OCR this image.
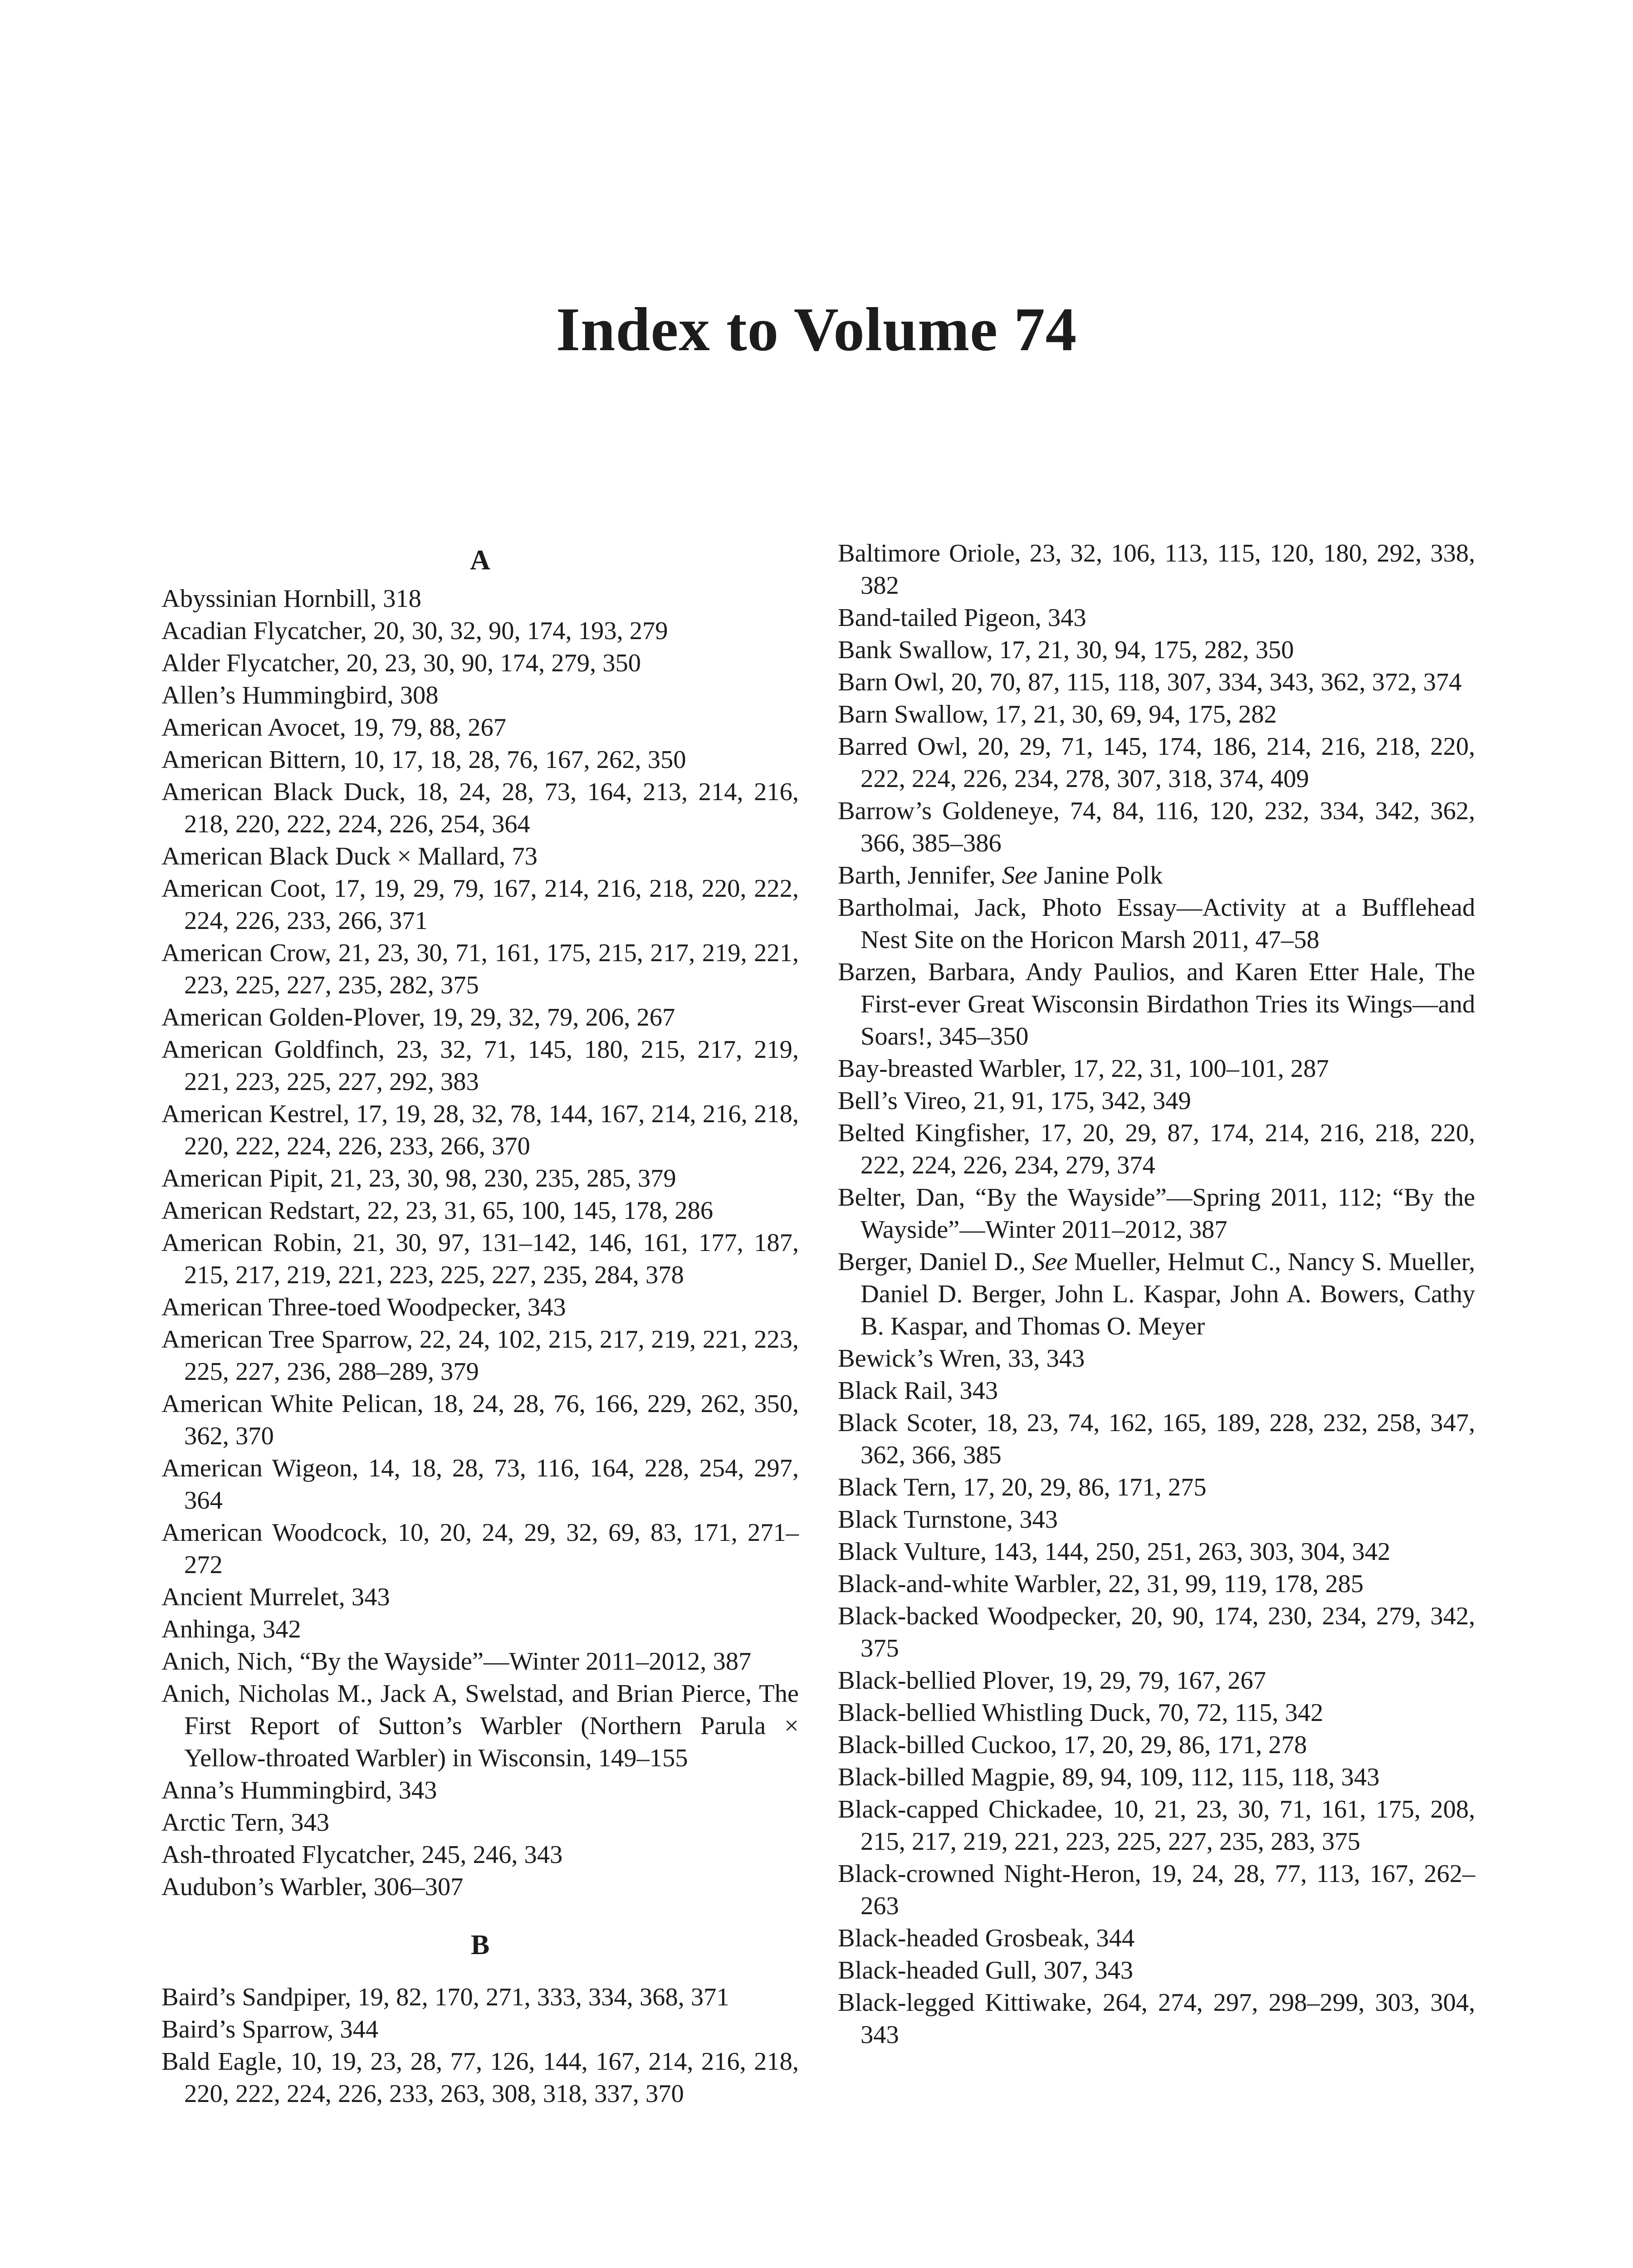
Index to Volume 74
A

Abyssinian Hornbill, 318

Acadian Flycatcher, 20, 30, 32, 90, 174, 193, 279

Alder Flycatcher, 20, 23, 30, 90, 174, 279, 350

Allen’s Hummingbird, 308

American Avocet, 19, 79, 88, 267

American Bittern, 10, 17, 18, 28, 76, 167, 262, 350

American Black Duck, 18, 24, 28, 73, 164, 213, 214, 216, 218, 220, 222, 224, 226, 254, 364

American Black Duck × Mallard, 73

American Coot, 17, 19, 29, 79, 167, 214, 216, 218, 220, 222, 224, 226, 233, 266, 371

American Crow, 21, 23, 30, 71, 161, 175, 215, 217, 219, 221, 223, 225, 227, 235, 282, 375

American Golden-Plover, 19, 29, 32, 79, 206, 267

American Goldfinch, 23, 32, 71, 145, 180, 215, 217, 219, 221, 223, 225, 227, 292, 383

American Kestrel, 17, 19, 28, 32, 78, 144, 167, 214, 216, 218, 220, 222, 224, 226, 233, 266, 370

American Pipit, 21, 23, 30, 98, 230, 235, 285, 379

American Redstart, 22, 23, 31, 65, 100, 145, 178, 286

American Robin, 21, 30, 97, 131–142, 146, 161, 177, 187, 215, 217, 219, 221, 223, 225, 227, 235, 284, 378

American Three-toed Woodpecker, 343

American Tree Sparrow, 22, 24, 102, 215, 217, 219, 221, 223, 225, 227, 236, 288–289, 379

American White Pelican, 18, 24, 28, 76, 166, 229, 262, 350, 362, 370

American Wigeon, 14, 18, 28, 73, 116, 164, 228, 254, 297, 364

American Woodcock, 10, 20, 24, 29, 32, 69, 83, 171, 271–272

Ancient Murrelet, 343

Anhinga, 342

Anich, Nich, “By the Wayside”—Winter 2011–2012, 387

Anich, Nicholas M., Jack A, Swelstad, and Brian Pierce, The First Report of Sutton’s Warbler (Northern Parula × Yellow-throated Warbler) in Wisconsin, 149–155

Anna’s Hummingbird, 343

Arctic Tern, 343

Ash-throated Flycatcher, 245, 246, 343

Audubon’s Warbler, 306–307

B

Baird’s Sandpiper, 19, 82, 170, 271, 333, 334, 368, 371

Baird’s Sparrow, 344

Bald Eagle, 10, 19, 23, 28, 77, 126, 144, 167, 214, 216, 218, 220, 222, 224, 226, 233, 263, 308, 318, 337, 370

Baltimore Oriole, 23, 32, 106, 113, 115, 120, 180, 292, 338, 382

Band-tailed Pigeon, 343

Bank Swallow, 17, 21, 30, 94, 175, 282, 350

Barn Owl, 20, 70, 87, 115, 118, 307, 334, 343, 362, 372, 374

Barn Swallow, 17, 21, 30, 69, 94, 175, 282

Barred Owl, 20, 29, 71, 145, 174, 186, 214, 216, 218, 220, 222, 224, 226, 234, 278, 307, 318, 374, 409

Barrow’s Goldeneye, 74, 84, 116, 120, 232, 334, 342, 362, 366, 385–386

Barth, Jennifer, See Janine Polk

Bartholmai, Jack, Photo Essay—Activity at a Bufflehead Nest Site on the Horicon Marsh 2011, 47–58

Barzen, Barbara, Andy Paulios, and Karen Etter Hale, The First-ever Great Wisconsin Birdathon Tries its Wings—and Soars!, 345–350

Bay-breasted Warbler, 17, 22, 31, 100–101, 287

Bell’s Vireo, 21, 91, 175, 342, 349

Belted Kingfisher, 17, 20, 29, 87, 174, 214, 216, 218, 220, 222, 224, 226, 234, 279, 374

Belter, Dan, “By the Wayside”—Spring 2011, 112; “By the Wayside”—Winter 2011–2012, 387

Berger, Daniel D., See Mueller, Helmut C., Nancy S. Mueller, Daniel D. Berger, John L. Kaspar, John A. Bowers, Cathy B. Kaspar, and Thomas O. Meyer

Bewick’s Wren, 33, 343

Black Rail, 343

Black Scoter, 18, 23, 74, 162, 165, 189, 228, 232, 258, 347, 362, 366, 385

Black Tern, 17, 20, 29, 86, 171, 275

Black Turnstone, 343

Black Vulture, 143, 144, 250, 251, 263, 303, 304, 342

Black-and-white Warbler, 22, 31, 99, 119, 178, 285

Black-backed Woodpecker, 20, 90, 174, 230, 234, 279, 342, 375

Black-bellied Plover, 19, 29, 79, 167, 267

Black-bellied Whistling Duck, 70, 72, 115, 342

Black-billed Cuckoo, 17, 20, 29, 86, 171, 278

Black-billed Magpie, 89, 94, 109, 112, 115, 118, 343

Black-capped Chickadee, 10, 21, 23, 30, 71, 161, 175, 208, 215, 217, 219, 221, 223, 225, 227, 235, 283, 375

Black-crowned Night-Heron, 19, 24, 28, 77, 113, 167, 262–263

Black-headed Grosbeak, 344

Black-headed Gull, 307, 343

Black-legged Kittiwake, 264, 274, 297, 298–299, 303, 304, 343
